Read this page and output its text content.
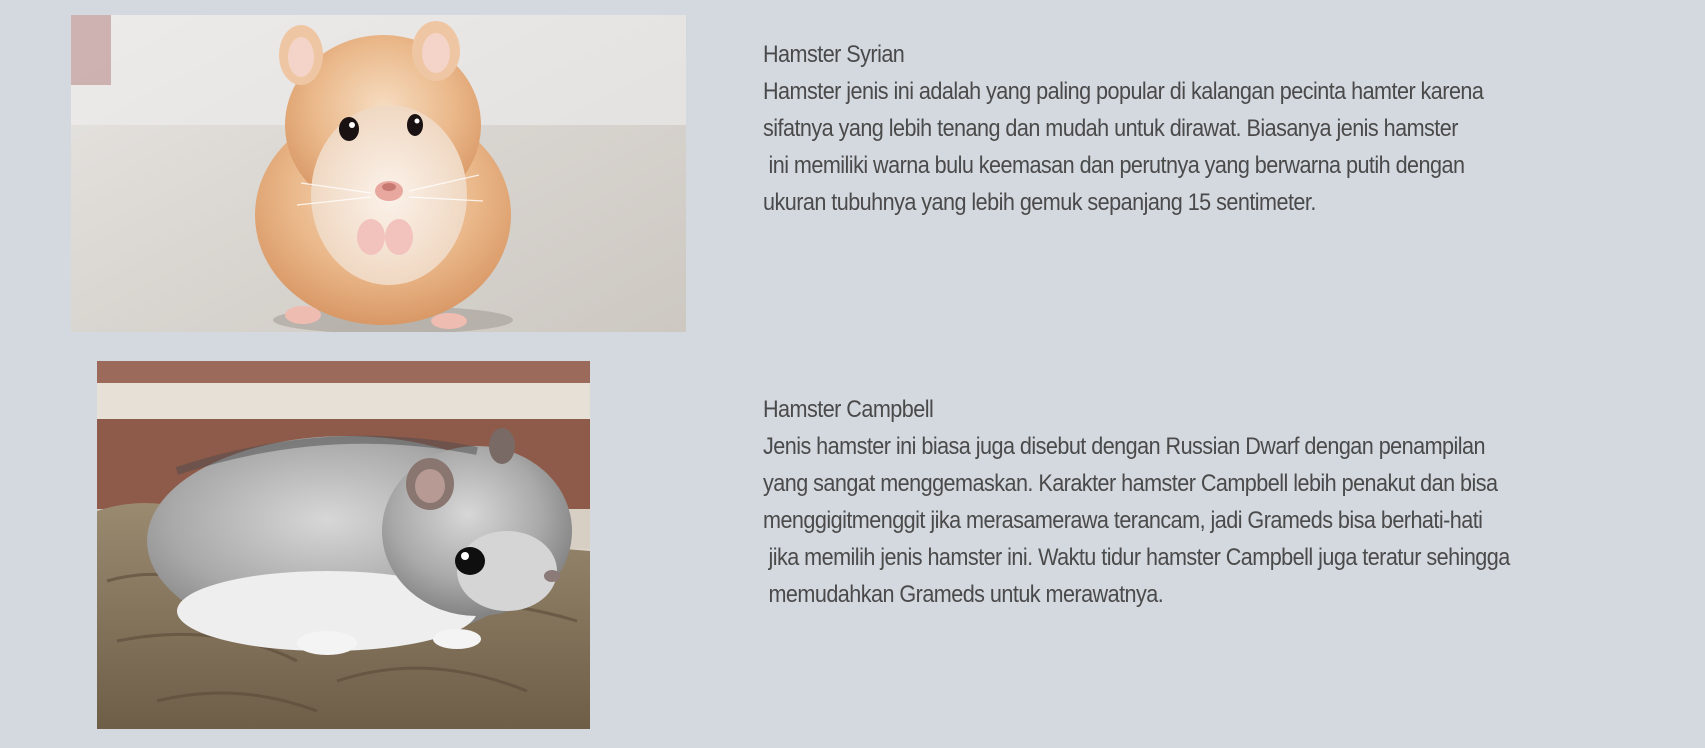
Hamster Syrian
Hamster jenis ini adalah yang paling popular di kalangan pecinta hamter karena
sifatnya yang lebih tenang dan mudah untuk dirawat. Biasanya jenis hamster
ini memiliki warna bulu keemasan dan perutnya yang berwarna putih dengan
ukuran tubuhnya yang lebih gemuk sepanjang 15 sentimeter.
Hamster Campbell
Jenis hamster ini biasa juga disebut dengan Russian Dwarf dengan penampilan
yang sangat menggemaskan. Karakter hamster Campbell lebih penakut dan bisa
menggigitmenggit jika merasamerawa terancam, jadi Grameds bisa berhati-hati
jika memilih jenis hamster ini. Waktu tidur hamster Campbell juga teratur sehingga
memudahkan Grameds untuk merawatnya.
